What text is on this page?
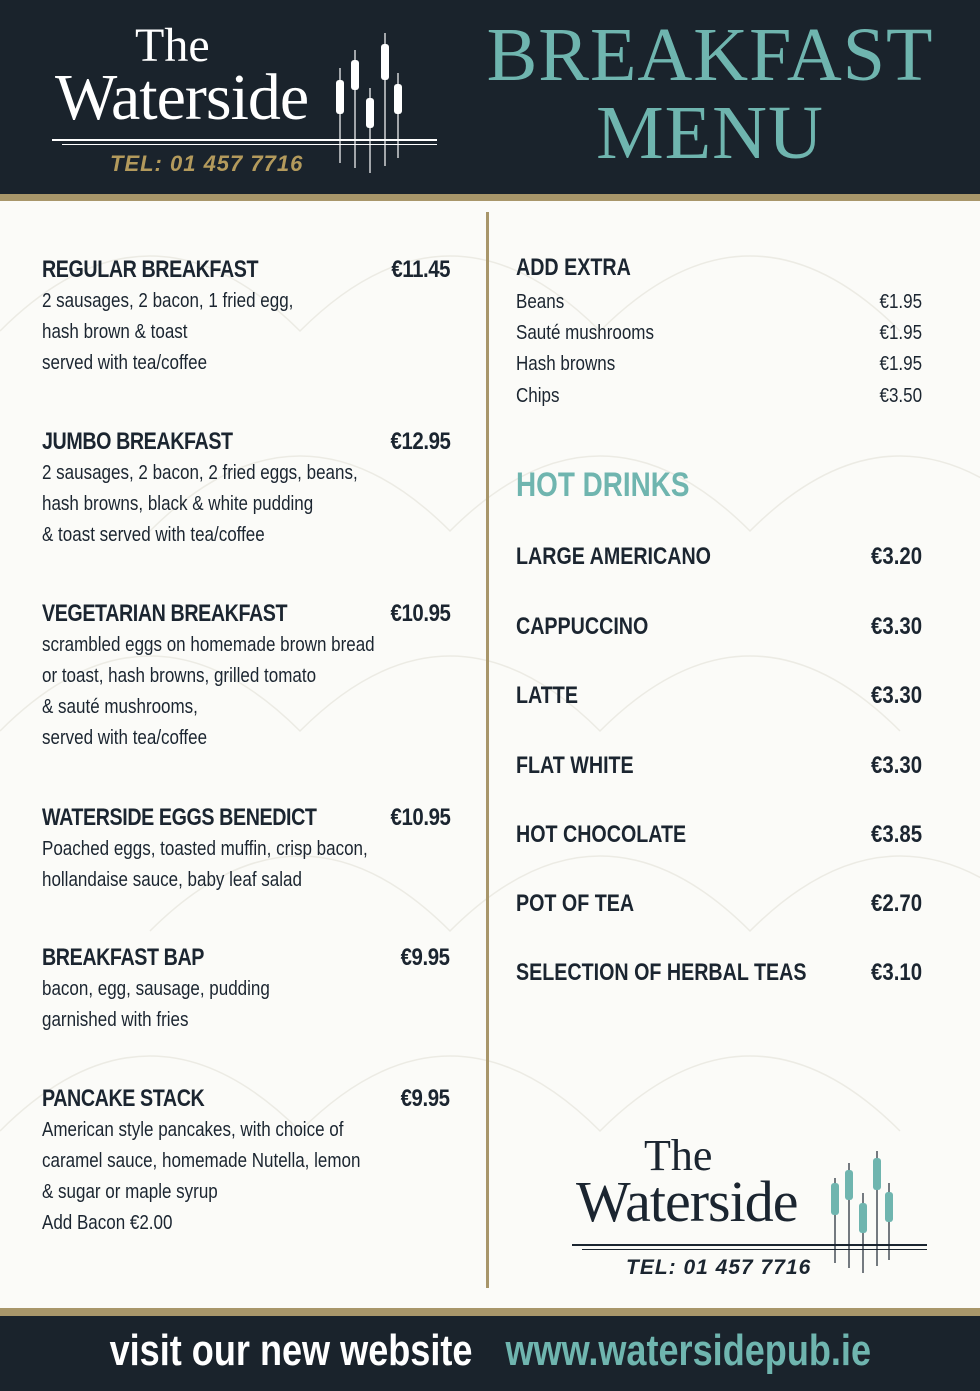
The
Waterside
TEL: 01 457 7716
BREAKFAST
MENU
REGULAR BREAKFAST	€11.45
2 sausages, 2 bacon, 1 fried egg,
hash brown & toast
served with tea/coffee
JUMBO BREAKFAST	€12.95
2 sausages, 2 bacon, 2 fried eggs, beans,
hash browns, black & white pudding
& toast served with tea/coffee
VEGETARIAN BREAKFAST	€10.95
scrambled eggs on homemade brown bread
or toast, hash browns, grilled tomato
& sauté mushrooms,
served with tea/coffee
WATERSIDE EGGS BENEDICT	€10.95
Poached eggs, toasted muffin, crisp bacon,
hollandaise sauce, baby leaf salad
BREAKFAST BAP	€9.95
bacon, egg, sausage, pudding
garnished with fries
PANCAKE STACK	€9.95
American style pancakes, with choice of
caramel sauce, homemade Nutella, lemon
& sugar or maple syrup
Add Bacon €2.00
ADD EXTRA
Beans	€1.95
Sauté mushrooms	€1.95
Hash browns	€1.95
Chips	€3.50
HOT DRINKS
LARGE AMERICANO	€3.20
CAPPUCCINO	€3.30
LATTE	€3.30
FLAT WHITE	€3.30
HOT CHOCOLATE	€3.85
POT OF TEA	€2.70
SELECTION OF HERBAL TEAS	€3.10
The
Waterside
TEL: 01 457 7716
visit our new website www.watersidepub.ie
